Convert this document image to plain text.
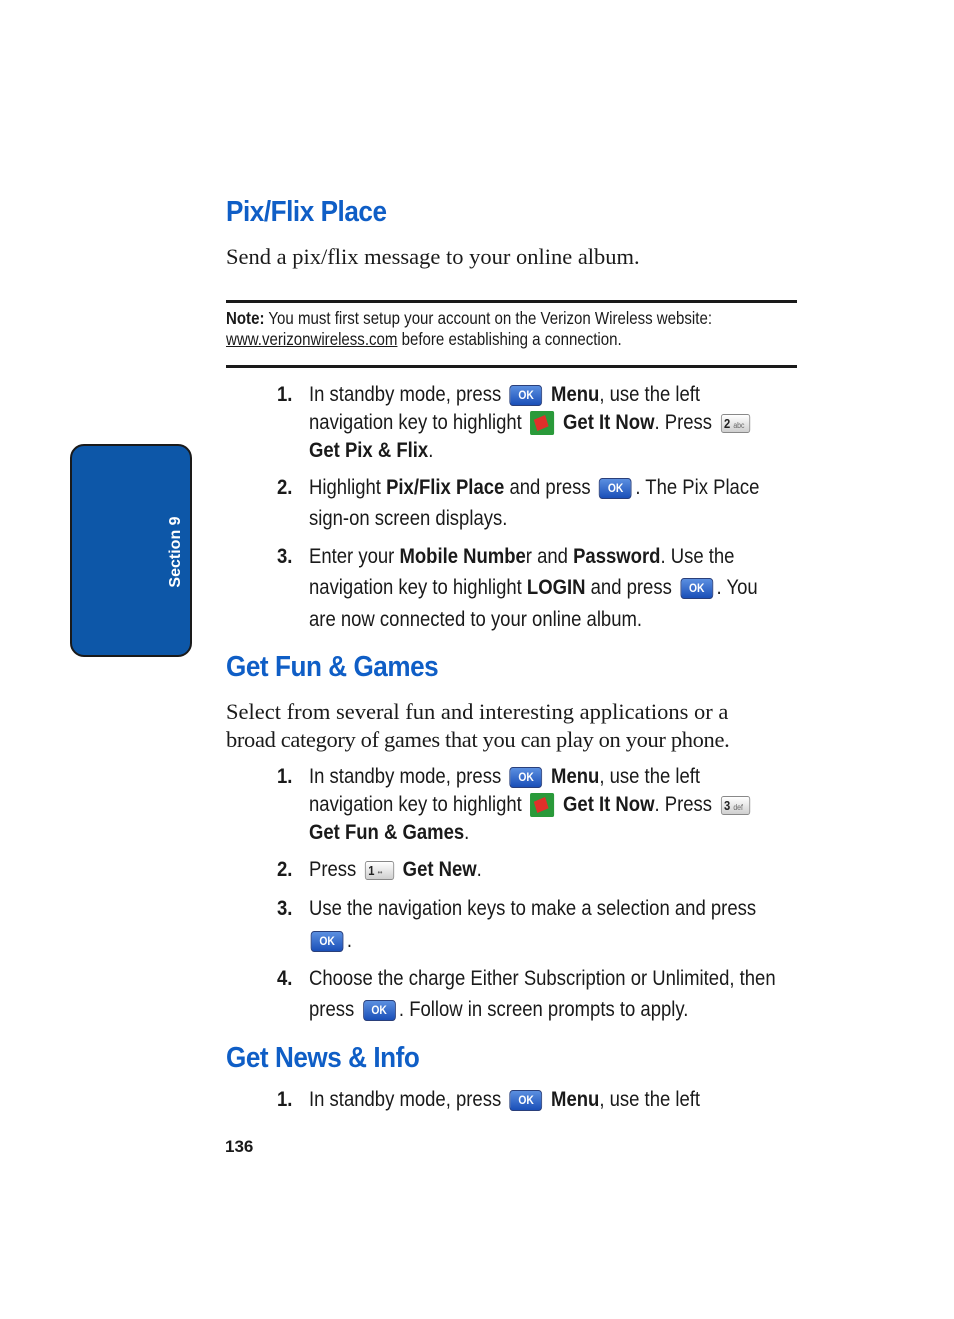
Section 9
Pix/Flix Place
Send a pix/flix message to your online album.
Note: You must first setup your account on the Verizon Wireless website:
www.verizonwireless.com before establishing a connection.
1. In standby mode, press OK Menu, use the left
navigation key to highlight Get It Now. Press 2 abc
Get Pix & Flix.
2. Highlight Pix/Flix Place and press OK . The Pix Place
sign-on screen displays.
3. Enter your Mobile Number and Password. Use the
navigation key to highlight LOGIN and press OK . You
are now connected to your online album.
Get Fun & Games
Select from several fun and interesting applications or a
broad category of games that you can play on your phone.
1. In standby mode, press OK Menu, use the left
navigation key to highlight Get It Now. Press 3 def
Get Fun & Games.
2. Press 1 •• Get New.
3. Use the navigation keys to make a selection and press
OK .
4. Choose the charge Either Subscription or Unlimited, then
press OK . Follow in screen prompts to apply.
Get News & Info
1. In standby mode, press OK Menu, use the left
136
